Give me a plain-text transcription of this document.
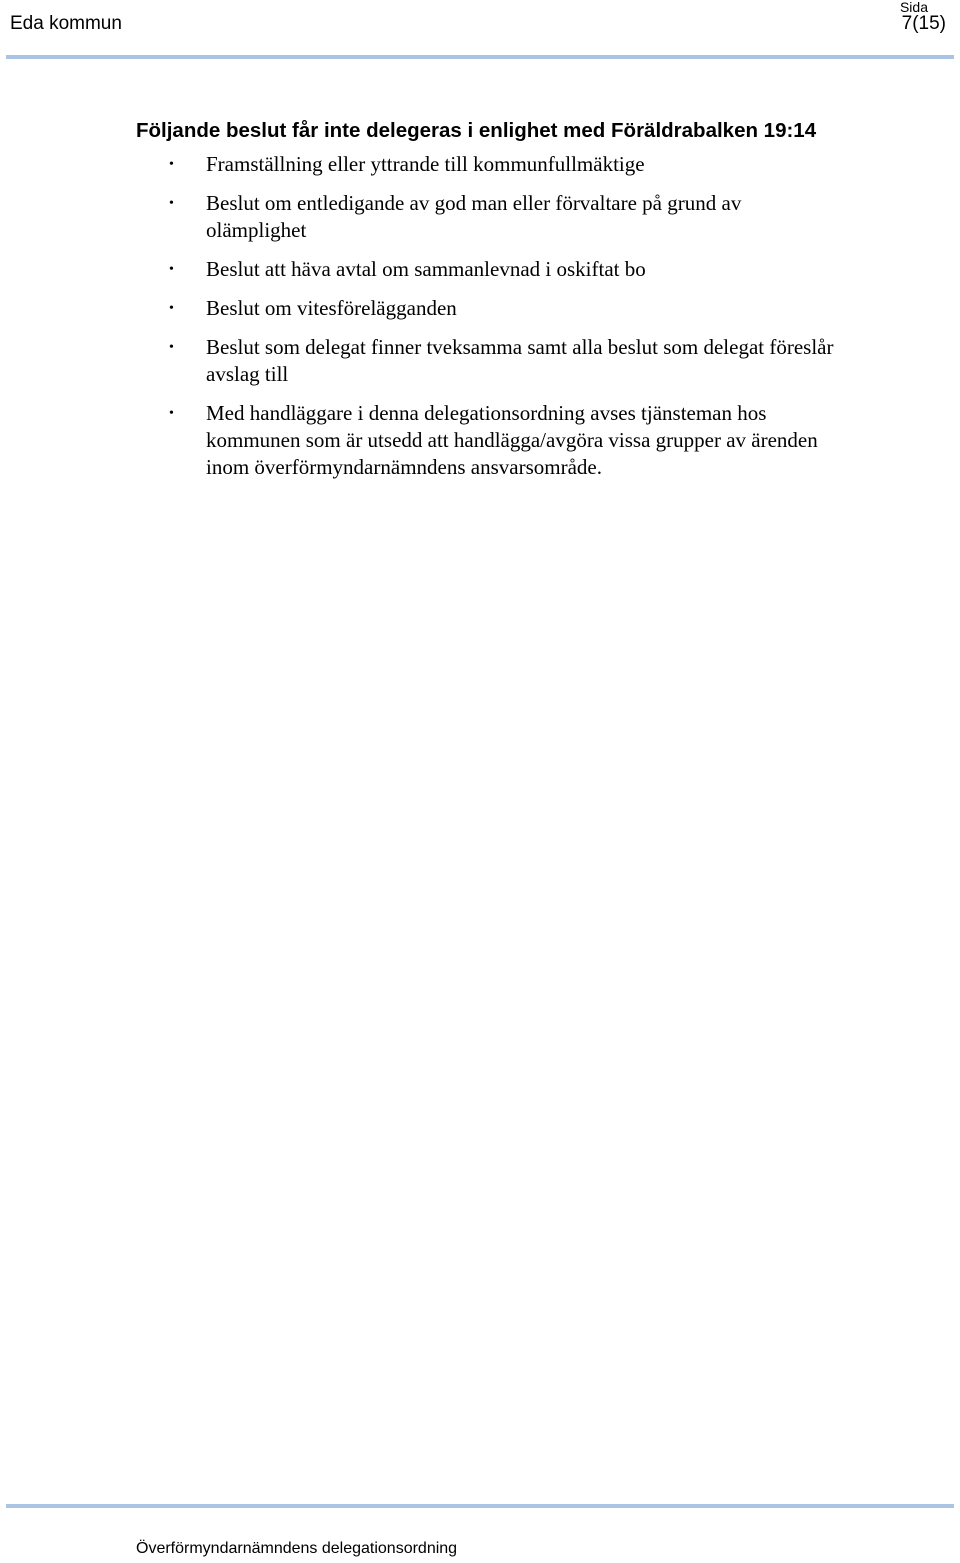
Eda kommun
Sida
7(15)
Följande beslut får inte delegeras i enlighet med Föräldrabalken 19:14
• Framställning eller yttrande till kommunfullmäktige
• Beslut om entledigande av god man eller förvaltare på grund av olämplighet
• Beslut att häva avtal om sammanlevnad i oskiftat bo
• Beslut om vitesförelägganden
• Beslut som delegat finner tveksamma samt alla beslut som delegat föreslår avslag till
• Med handläggare i denna delegationsordning avses tjänsteman hos kommunen som är utsedd att handlägga/avgöra vissa grupper av ärenden inom överförmyndarnämndens ansvarsområde.
Överförmyndarnämndens delegationsordning
